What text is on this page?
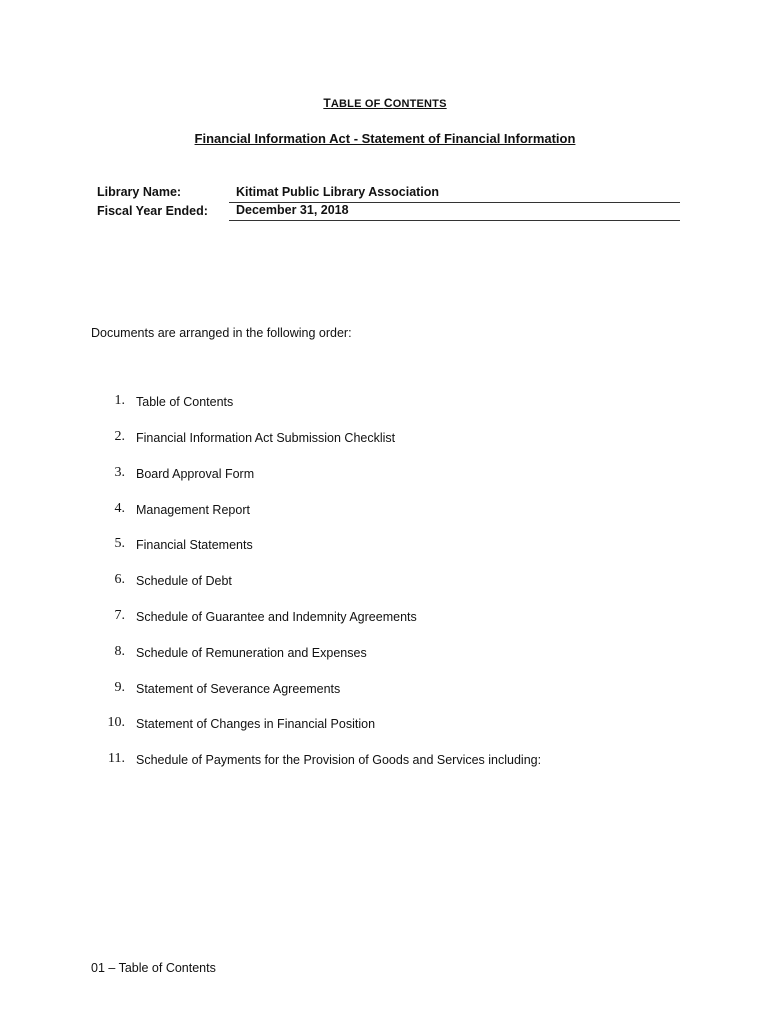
TABLE OF CONTENTS
Financial Information Act - Statement of Financial Information
Library Name:	Kitimat Public Library Association
Fiscal Year Ended:	December 31, 2018
Documents are arranged in the following order:
1. Table of Contents
2. Financial Information Act Submission Checklist
3. Board Approval Form
4. Management Report
5. Financial Statements
6. Schedule of Debt
7. Schedule of Guarantee and Indemnity Agreements
8. Schedule of Remuneration and Expenses
9. Statement of Severance Agreements
10. Statement of Changes in Financial Position
11. Schedule of Payments for the Provision of Goods and Services including:
01 – Table of Contents
